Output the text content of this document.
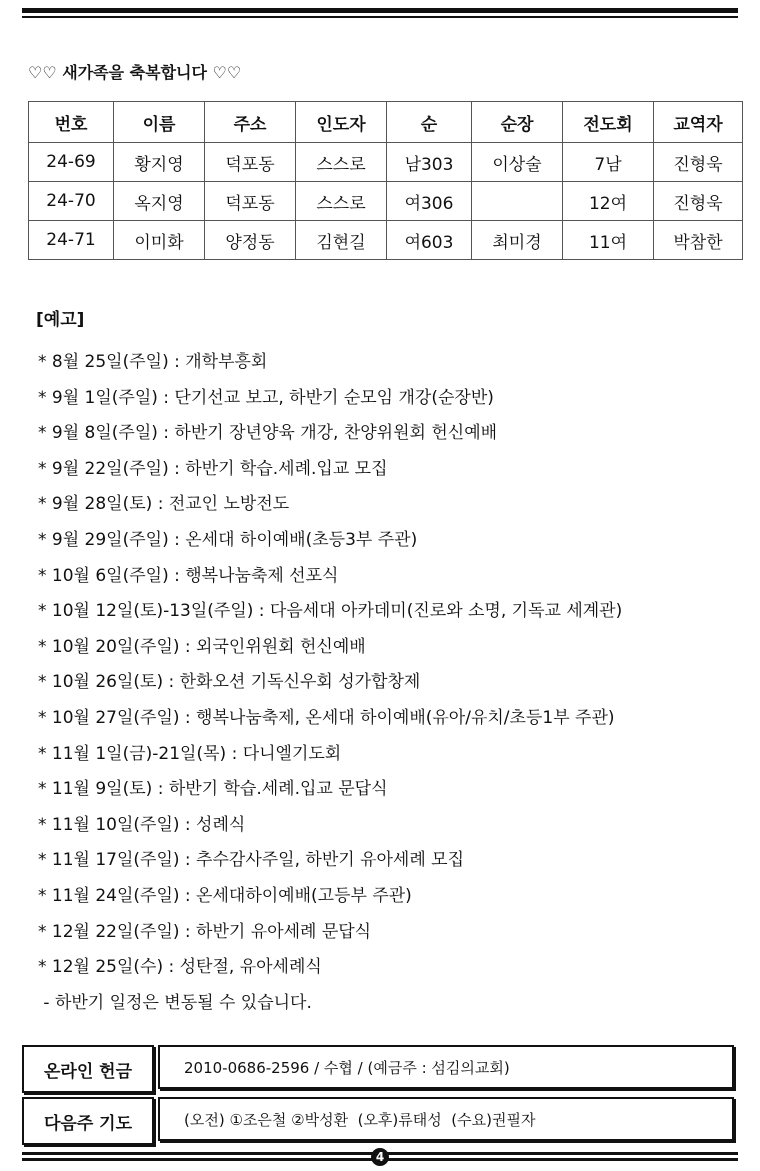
♡♡ 새가족을 축복합니다 ♡♡
번호	이름	주소	인도자	순	순장	전도회	교역자
24-69	황지영	덕포동	스스로	남303	이상술	7남	진형욱
24-70	옥지영	덕포동	스스로	여306		12여	진형욱
24-71	이미화	양정동	김현길	여603	최미경	11여	박참한
[예고]
* 8월 25일(주일) : 개학부흥회
* 9월 1일(주일) : 단기선교 보고, 하반기 순모임 개강(순장반)
* 9월 8일(주일) : 하반기 장년양육 개강, 찬양위원회 헌신예배
* 9월 22일(주일) : 하반기 학습.세례.입교 모집
* 9월 28일(토) : 전교인 노방전도
* 9월 29일(주일) : 온세대 하이예배(초등3부 주관)
* 10월 6일(주일) : 행복나눔축제 선포식
* 10월 12일(토)-13일(주일) : 다음세대 아카데미(진로와 소명, 기독교 세계관)
* 10월 20일(주일) : 외국인위원회 헌신예배
* 10월 26일(토) : 한화오션 기독신우회 성가합창제
* 10월 27일(주일) : 행복나눔축제, 온세대 하이예배(유아/유치/초등1부 주관)
* 11월 1일(금)-21일(목) : 다니엘기도회
* 11월 9일(토) : 하반기 학습.세례.입교 문답식
* 11월 10일(주일) : 성례식
* 11월 17일(주일) : 추수감사주일, 하반기 유아세례 모집
* 11월 24일(주일) : 온세대하이예배(고등부 주관)
* 12월 22일(주일) : 하반기 유아세례 문답식
* 12월 25일(수) : 성탄절, 유아세례식
- 하반기 일정은 변동될 수 있습니다.
온라인 헌금	2010-0686-2596 / 수협 / (예금주 : 섬김의교회)
다음주 기도	(오전) ①조은철 ②박성환  (오후)류태성  (수요)권필자
4
